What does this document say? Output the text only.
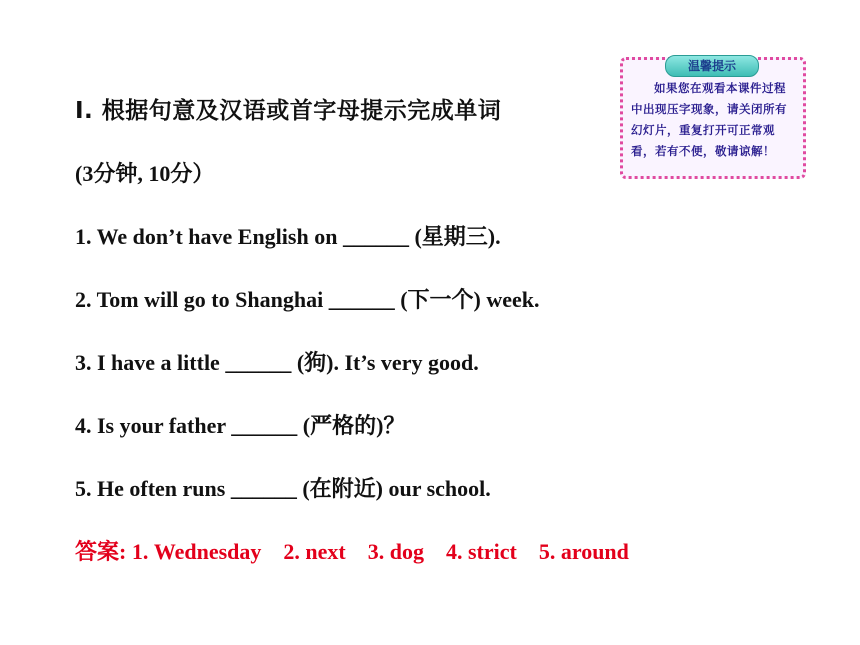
Ⅰ. 根据句意及汉语或首字母提示完成单词
(3分钟, 10分）
1. We don’t have English on ______ (星期三).
2. Tom will go to Shanghai ______ (下一个) week.
3. I have a little ______ (狗). It’s very good.
4. Is your father ______ (严格的)？
5. He often runs ______ (在附近) our school.
答案: 1. Wednesday    2. next    3. dog    4. strict    5. around
温馨提示
如果您在观看本课件过程中出现压字现象，请关闭所有幻灯片，重复打开可正常观看，若有不便，敬请谅解！
